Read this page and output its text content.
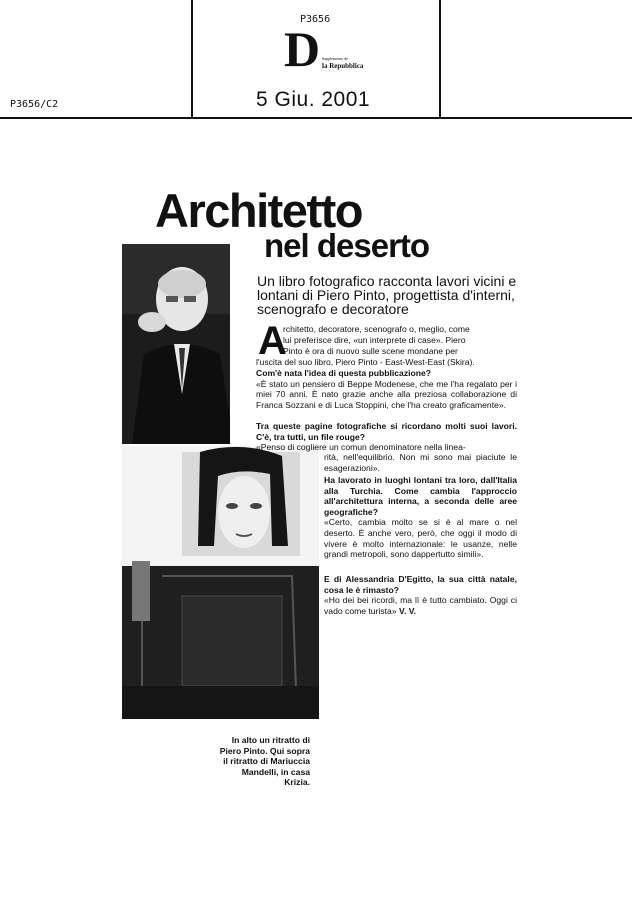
P3656
D Supplemento de
la Repubblica
P3656/C2	5 Giu. 2001
Architetto
nel deserto
Un libro fotografico racconta lavori vicini e lontani di Piero Pinto, progettista d'interni, scenografo e decoratore
A
rchitetto, decoratore, scenografo o, meglio, come
lui preferisce dire, «un interprete di case». Piero
Pinto è ora di nuovo sulle scene mondane per
l'uscita del suo libro, Piero Pinto - East-West-East (Skira).
Com'è nata l'idea di questa pubblicazione?
«È stato un pensiero di Beppe Modenese, che me l'ha regalato per i miei 70 anni. È nato grazie anche alla preziosa collaborazione di Franca Sozzani e di Luca Stoppini, che l'ha creato graficamente».
Tra queste pagine fotografiche si ricordano molti suoi lavori. C'è, tra tutti, un file rouge?
«Penso di cogliere un comun denominatore nella linea-
rità, nell'equilibrio. Non mi sono mai piaciute le esagerazioni».
Ha lavorato in luoghi lontani tra loro, dall'Italia alla Turchia. Come cambia l'approccio all'architettura interna, a seconda delle aree geografiche?
«Certo, cambia molto se si è al mare o nel deserto. È anche vero, però, che oggi il modo di vivere è molto internazionale: le usanze, nelle grandi metropoli, sono dappertutto simili».
E di Alessandria D'Egitto, la sua città natale, cosa le è rimasto?
«Ho dei bei ricordi, ma lì è tutto cambiato. Oggi ci vado come turista» V. V.
In alto un ritratto di Piero Pinto. Qui sopra il ritratto di Mariuccia Mandelli, in casa Krizia.
